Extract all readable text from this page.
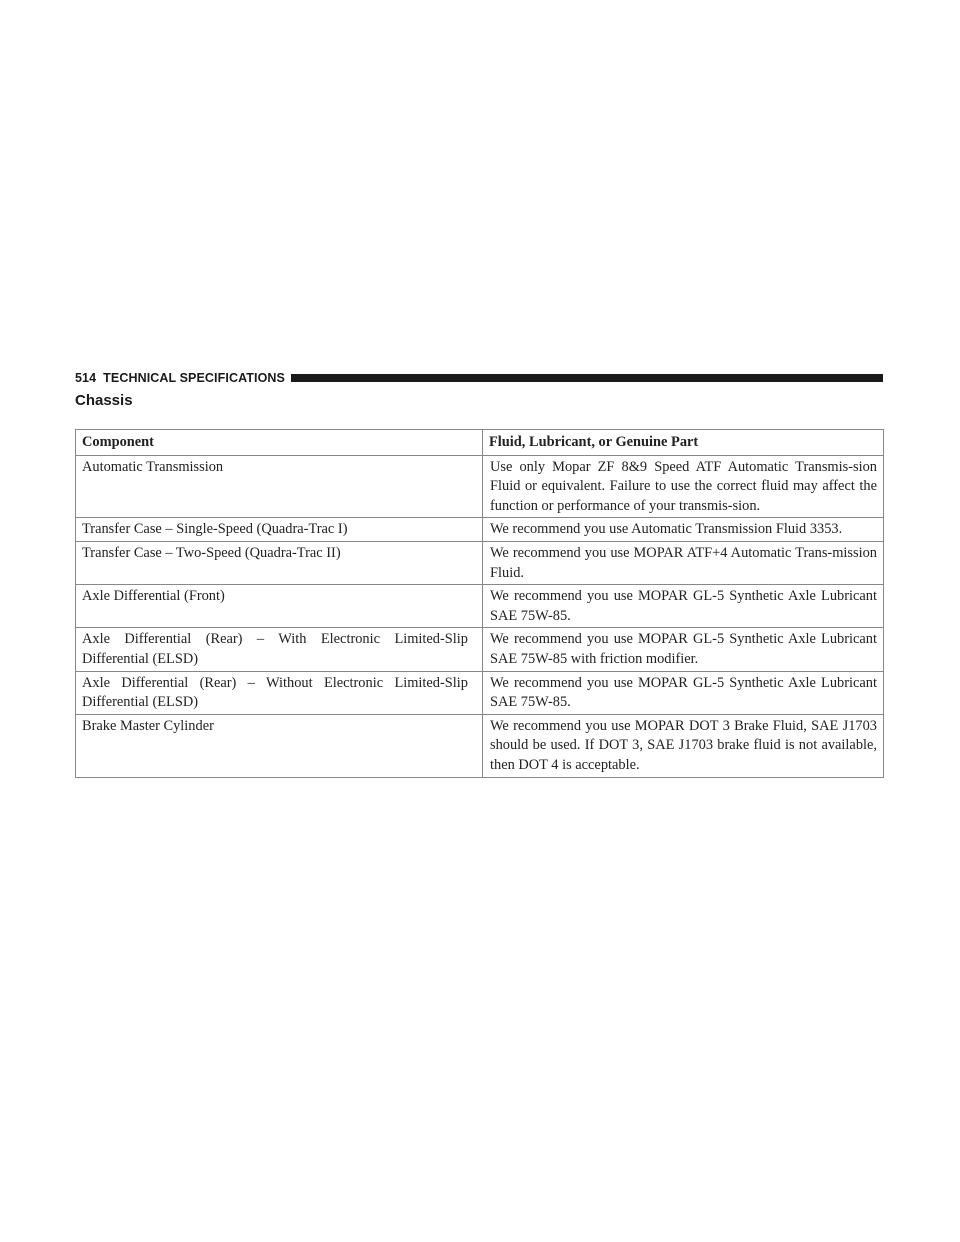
514 TECHNICAL SPECIFICATIONS
Chassis
Component	Fluid, Lubricant, or Genuine Part
Automatic Transmission	Use only Mopar ZF 8&9 Speed ATF Automatic Transmis-sion Fluid or equivalent. Failure to use the correct fluid may affect the function or performance of your transmis-sion.
Transfer Case – Single-Speed (Quadra-Trac I)	We recommend you use Automatic Transmission Fluid 3353.
Transfer Case – Two-Speed (Quadra-Trac II)	We recommend you use MOPAR ATF+4 Automatic Trans-mission Fluid.
Axle Differential (Front)	We recommend you use MOPAR GL-5 Synthetic Axle Lubricant SAE 75W-85.
Axle Differential (Rear) – With Electronic Limited-Slip Differential (ELSD)	We recommend you use MOPAR GL-5 Synthetic Axle Lubricant SAE 75W-85 with friction modifier.
Axle Differential (Rear) – Without Electronic Limited-Slip Differential (ELSD)	We recommend you use MOPAR GL-5 Synthetic Axle Lubricant SAE 75W-85.
Brake Master Cylinder	We recommend you use MOPAR DOT 3 Brake Fluid, SAE J1703 should be used. If DOT 3, SAE J1703 brake fluid is not available, then DOT 4 is acceptable.
